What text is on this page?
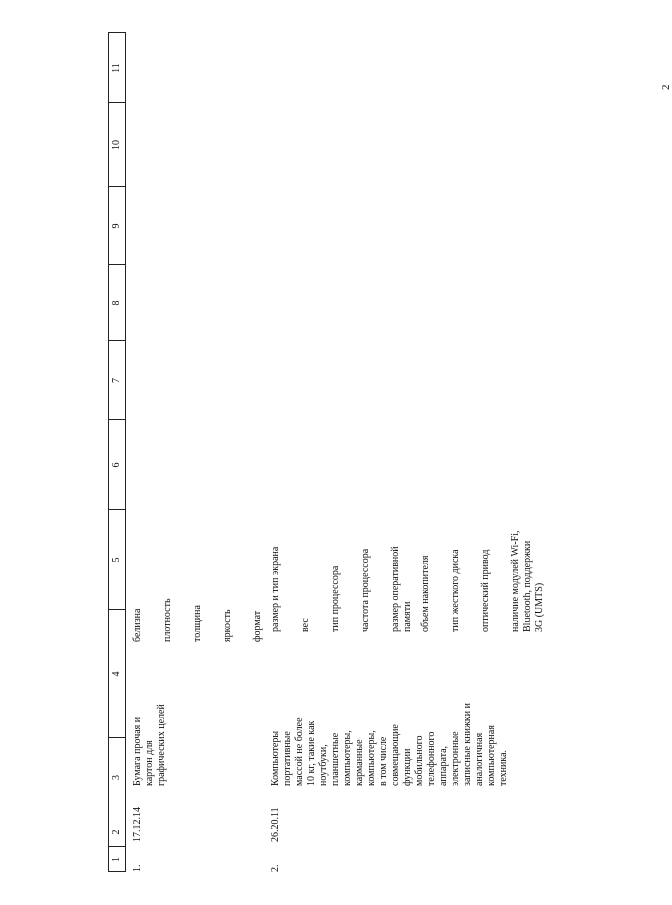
2
1
2
3
4
5
6
7
8
9
10
11
1.
17.12.14
Бумага прочая и
картон для
графических целей
белизна плотность толщина яркость формат
2.
26.20.11
Компьютеры
портативные
массой не более
10 кг, такие как
ноутбуки,
планшетные
компьютеры,
карманные
компьютеры,
в том числе
совмещающие
функции
мобильного
телефонного
аппарата,
электронные
записные книжки и
аналогичная
компьютерная
техника.
размер и тип экрана вес тип процессора частота процессора размер оперативной
памяти объем накопителя тип жесткого диска оптический привод наличие модулей Wi-Fi,
Bluetooth, поддержки
3G (UMTS)
